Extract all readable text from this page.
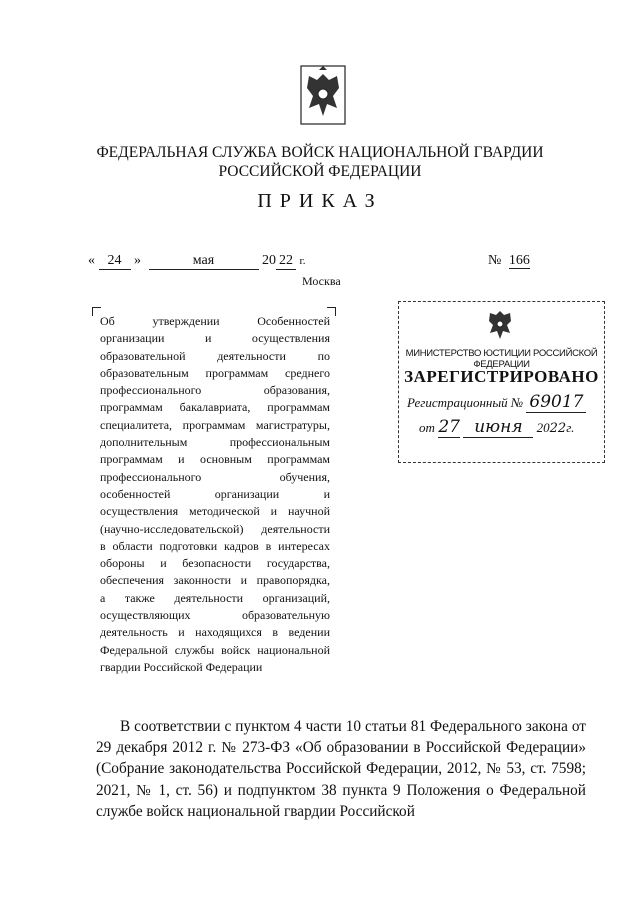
ФЕДЕРАЛЬНАЯ СЛУЖБА ВОЙСК НАЦИОНАЛЬНОЙ ГВАРДИИ
РОССИЙСКОЙ ФЕДЕРАЦИИ
ПРИКАЗ
« 24 »	мая	20 22 г.	№ 166
Москва
Об утверждении Особенностей
организации и осуществления
образовательной деятельности по
образовательным программам среднего
профессионального образования,
программам бакалавриата, программам
специалитета, программам магистратуры,
дополнительным профессиональным
программам и основным программам
профессионального обучения,
особенностей организации и
осуществления методической и научной
(научно-исследовательской) деятельности
в области подготовки кадров в интересах
обороны и безопасности государства,
обеспечения законности и правопорядка,
а также деятельности организаций,
осуществляющих образовательную
деятельность и находящихся в ведении
Федеральной службы войск национальной
гвардии Российской Федерации
МИНИСТЕРСТВО ЮСТИЦИИ РОССИЙСКОЙ ФЕДЕРАЦИИ
ЗАРЕГИСТРИРОВАНО
Регистрационный № 69017
от 27 июня 2022г.
В соответствии с пунктом 4 части 10 статьи 81 Федерального закона от 29 декабря 2012 г. № 273-ФЗ «Об образовании в Российской Федерации» (Собрание законодательства Российской Федерации, 2012, № 53, ст. 7598; 2021, № 1, ст. 56) и подпунктом 38 пункта 9 Положения о Федеральной службе войск национальной гвардии Российской
